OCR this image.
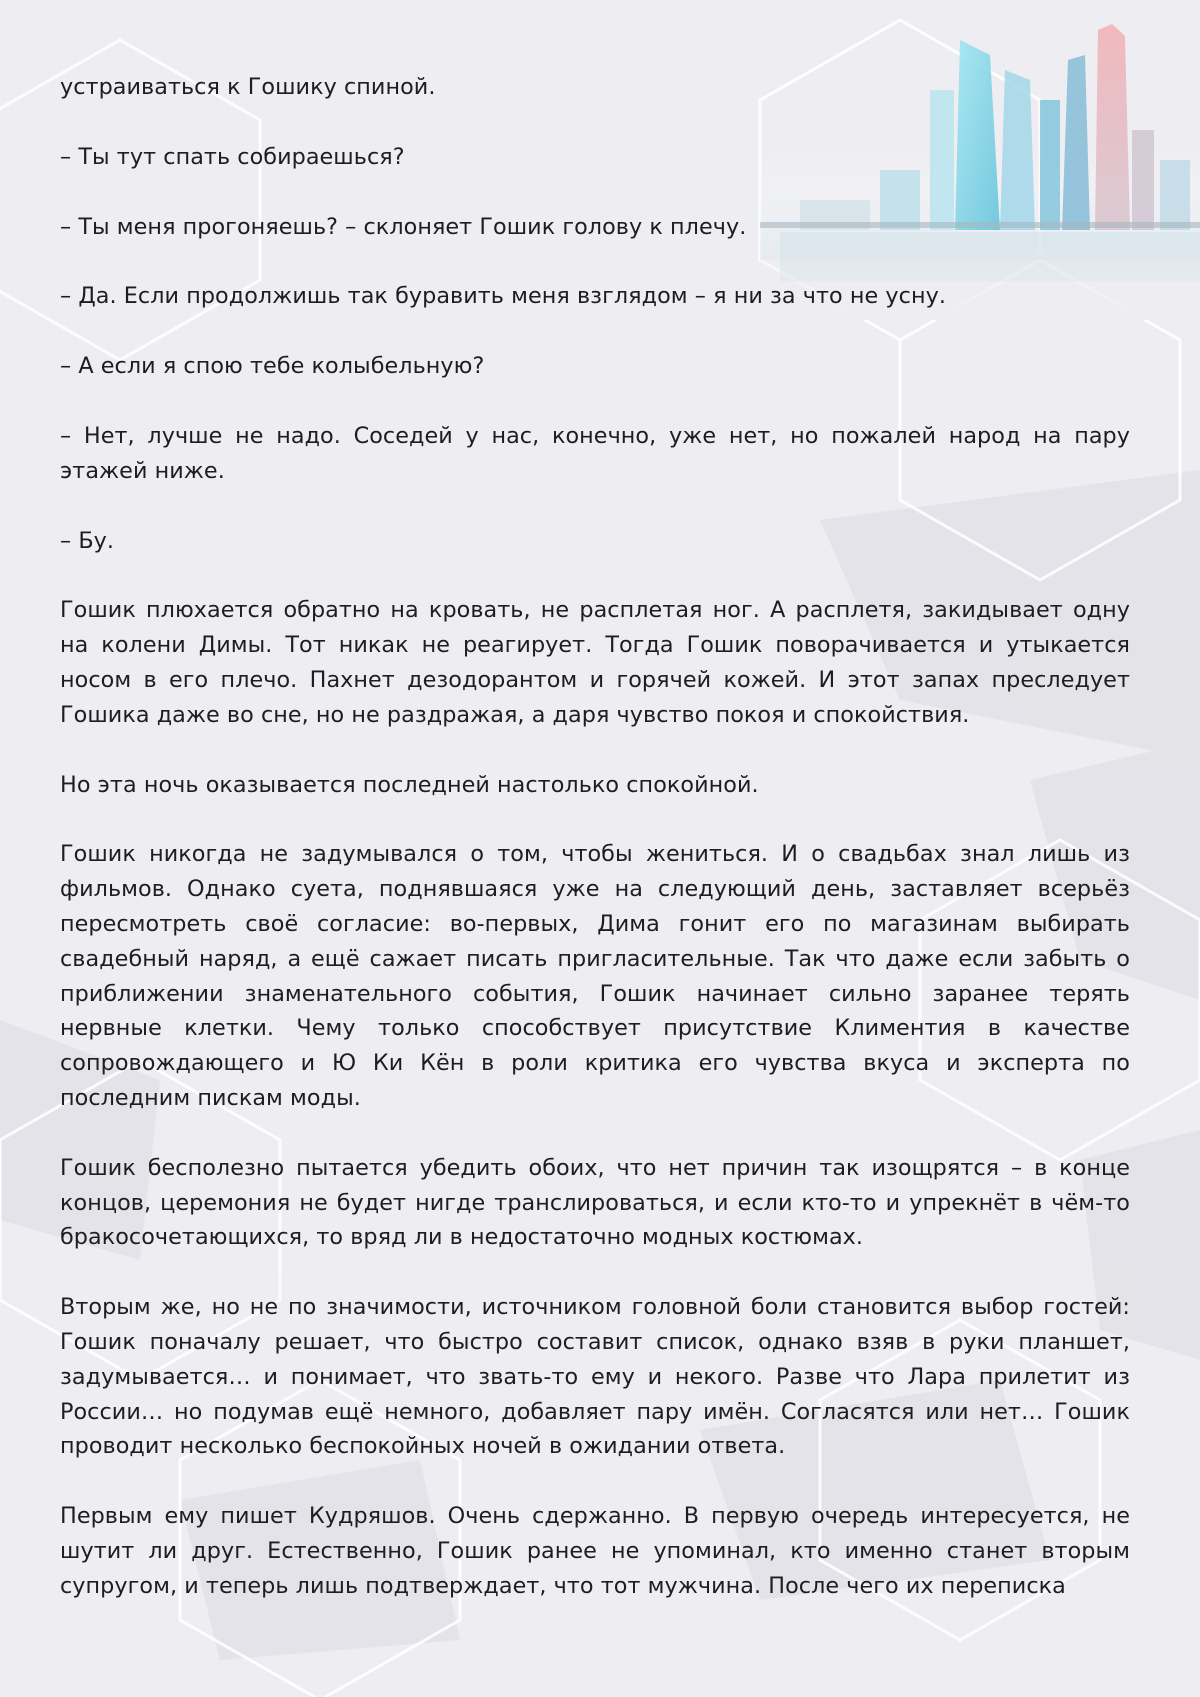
устраиваться к Гошику спиной.

– Ты тут спать собираешься?

– Ты меня прогоняешь? – склоняет Гошик голову к плечу.

– Да. Если продолжишь так буравить меня взглядом – я ни за что не усну.

– А если я спою тебе колыбельную?

– Нет, лучше не надо. Соседей у нас, конечно, уже нет, но пожалей народ на пару этажей ниже.

– Бу.

Гошик плюхается обратно на кровать, не расплетая ног. А расплетя, закидывает одну на колени Димы. Тот никак не реагирует. Тогда Гошик поворачивается и утыкается носом в его плечо. Пахнет дезодорантом и горячей кожей. И этот запах преследует Гошика даже во сне, но не раздражая, а даря чувство покоя и спокойствия.

Но эта ночь оказывается последней настолько спокойной.

Гошик никогда не задумывался о том, чтобы жениться. И о свадьбах знал лишь из фильмов. Однако суета, поднявшаяся уже на следующий день, заставляет всерьёз пересмотреть своё согласие: во-первых, Дима гонит его по магазинам выбирать свадебный наряд, а ещё сажает писать пригласительные. Так что даже если забыть о приближении знаменательного события, Гошик начинает сильно заранее терять нервные клетки. Чему только способствует присутствие Климентия в качестве сопровождающего и Ю Ки Кён в роли критика его чувства вкуса и эксперта по последним пискам моды.

Гошик бесполезно пытается убедить обоих, что нет причин так изощрятся – в конце концов, церемония не будет нигде транслироваться, и если кто-то и упрекнёт в чём-то бракосочетающихся, то вряд ли в недостаточно модных костюмах.

Вторым же, но не по значимости, источником головной боли становится выбор гостей: Гошик поначалу решает, что быстро составит список, однако взяв в руки планшет, задумывается… и понимает, что звать-то ему и некого. Разве что Лара прилетит из России… но подумав ещё немного, добавляет пару имён. Согласятся или нет… Гошик проводит несколько беспокойных ночей в ожидании ответа.

Первым ему пишет Кудряшов. Очень сдержанно. В первую очередь интересуется, не шутит ли друг. Естественно, Гошик ранее не упоминал, кто именно станет вторым супругом, и теперь лишь подтверждает, что тот мужчина. После чего их переписка
